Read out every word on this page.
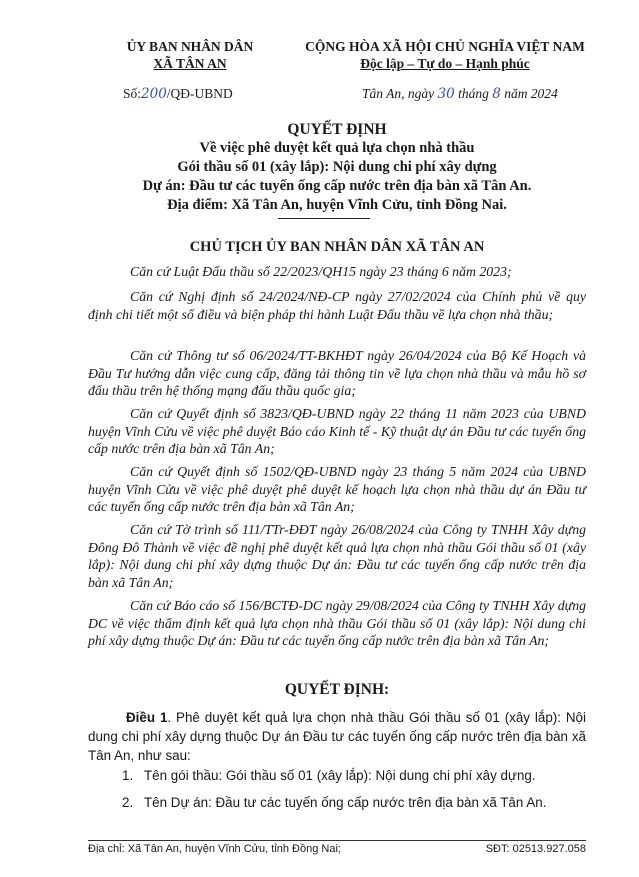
ỦY BAN NHÂN DÂN
XÃ TÂN AN
CỘNG HÒA XÃ HỘI CHỦ NGHĨA VIỆT NAM
Độc lập – Tự do – Hạnh phúc
Số:200/QĐ-UBND	Tân An, ngày 30 tháng 8 năm 2024
QUYẾT ĐỊNH
Về việc phê duyệt kết quả lựa chọn nhà thầu
Gói thầu số 01 (xây lắp): Nội dung chi phí xây dựng
Dự án: Đầu tư các tuyến ống cấp nước trên địa bàn xã Tân An.
Địa điểm: Xã Tân An, huyện Vĩnh Cửu, tỉnh Đồng Nai.
CHỦ TỊCH ỦY BAN NHÂN DÂN XÃ TÂN AN
Căn cứ Luật Đấu thầu số 22/2023/QH15 ngày 23 tháng 6 năm 2023;
Căn cứ Nghị định số 24/2024/NĐ-CP ngày 27/02/2024 của Chính phủ về quy định chi tiết một số điều và biện pháp thi hành Luật Đấu thầu về lựa chọn nhà thầu;
Căn cứ Thông tư số 06/2024/TT-BKHĐT ngày 26/04/2024 của Bộ Kế Hoạch và Đầu Tư hướng dẫn việc cung cấp, đăng tải thông tin về lựa chọn nhà thầu và mẫu hồ sơ đấu thầu trên hệ thống mạng đấu thầu quốc gia;
Căn cứ Quyết định số 3823/QĐ-UBND ngày 22 tháng 11 năm 2023 của UBND huyện Vĩnh Cửu về việc phê duyệt Báo cáo Kinh tế - Kỹ thuật dự án Đầu tư các tuyến ống cấp nước trên địa bàn xã Tân An;
Căn cứ Quyết định số 1502/QĐ-UBND ngày 23 tháng 5 năm 2024 của UBND huyện Vĩnh Cửu về việc phê duyệt phê duyệt kế hoạch lựa chọn nhà thầu dự án Đầu tư các tuyến ống cấp nước trên địa bàn xã Tân An;
Căn cứ Tờ trình số 111/TTr-ĐĐT ngày 26/08/2024 của Công ty TNHH Xây dựng Đông Đô Thành về việc đề nghị phê duyệt kết quả lựa chọn nhà thầu Gói thầu số 01 (xây lắp): Nội dung chi phí xây dựng thuộc Dự án: Đầu tư các tuyến ống cấp nước trên địa bàn xã Tân An;
Căn cứ Báo cáo số 156/BCTĐ-DC ngày 29/08/2024 của Công ty TNHH Xây dựng DC về việc thẩm định kết quả lựa chọn nhà thầu Gói thầu số 01 (xây lắp): Nội dung chi phí xây dựng thuộc Dự án: Đầu tư các tuyến ống cấp nước trên địa bàn xã Tân An;
QUYẾT ĐỊNH:
Điều 1. Phê duyệt kết quả lựa chọn nhà thầu Gói thầu số 01 (xây lắp): Nội dung chi phí xây dựng thuộc Dự án Đầu tư các tuyến ống cấp nước trên địa bàn xã Tân An, như sau:
1. Tên gói thầu: Gói thầu số 01 (xây lắp): Nội dung chi phí xây dựng.
2. Tên Dự án: Đầu tư các tuyến ống cấp nước trên địa bàn xã Tân An.
Địa chỉ: Xã Tân An, huyện Vĩnh Cửu, tỉnh Đồng Nai;	SĐT: 02513.927.058
